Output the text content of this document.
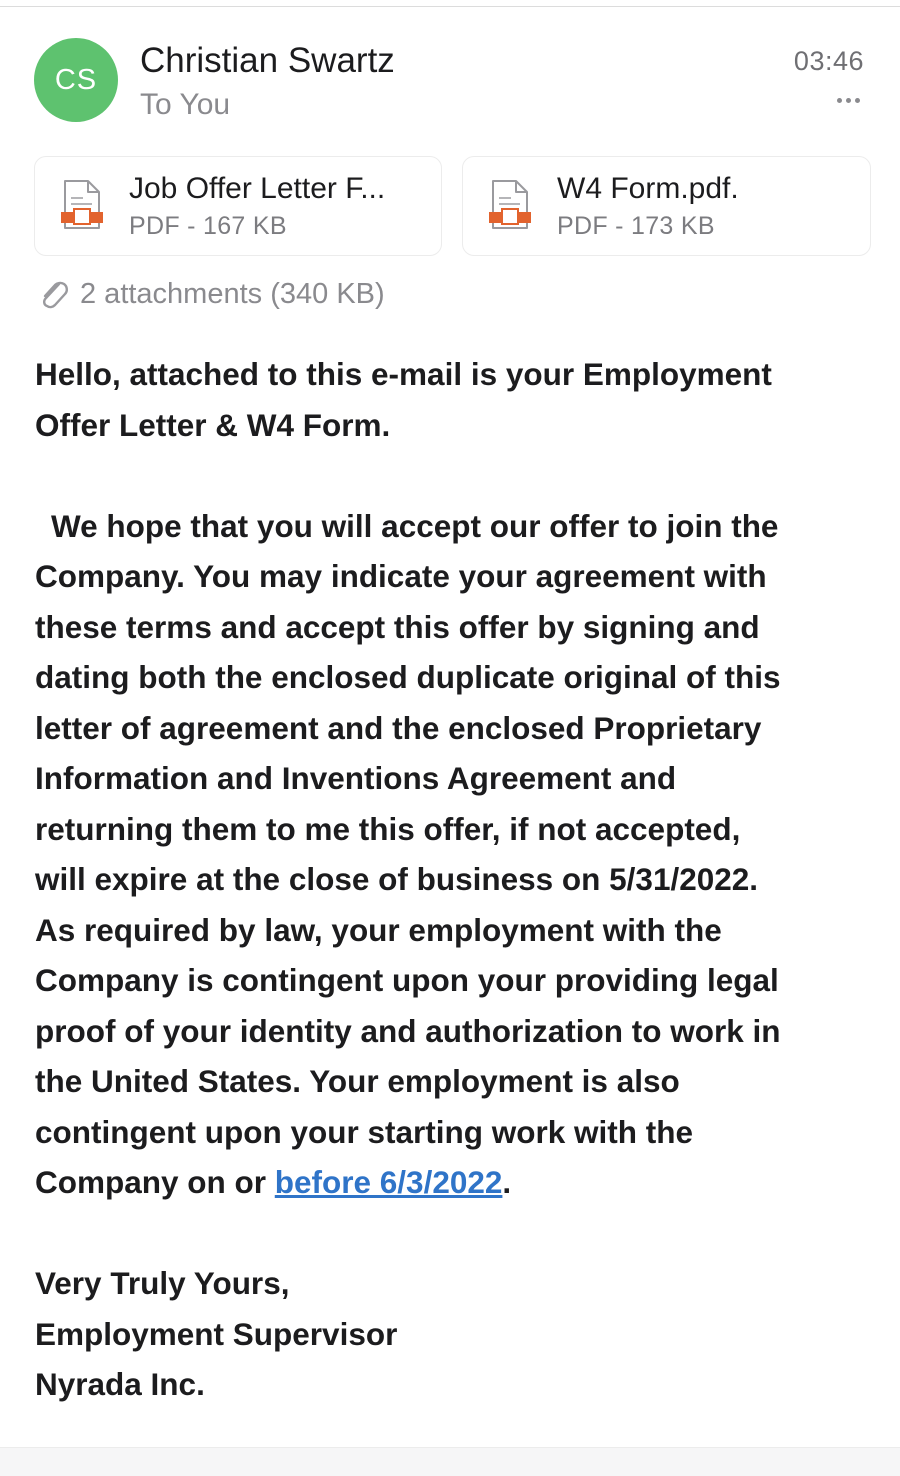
CS	Christian Swartz
To You
03:46
Job Offer Letter F...
PDF - 167 KB
W4 Form.pdf.
PDF - 173 KB
2 attachments (340 KB)

Hello, attached to this e-mail is your Employment
Offer Letter & W4 Form.

We hope that you will accept our offer to join the
Company. You may indicate your agreement with
these terms and accept this offer by signing and
dating both the enclosed duplicate original of this
letter of agreement and the enclosed Proprietary
Information and Inventions Agreement and
returning them to me this offer, if not accepted,
will expire at the close of business on 5/31/2022.
As required by law, your employment with the
Company is contingent upon your providing legal
proof of your identity and authorization to work in
the United States. Your employment is also
contingent upon your starting work with the
Company on or before 6/3/2022.

Very Truly Yours,
Employment Supervisor
Nyrada Inc.
